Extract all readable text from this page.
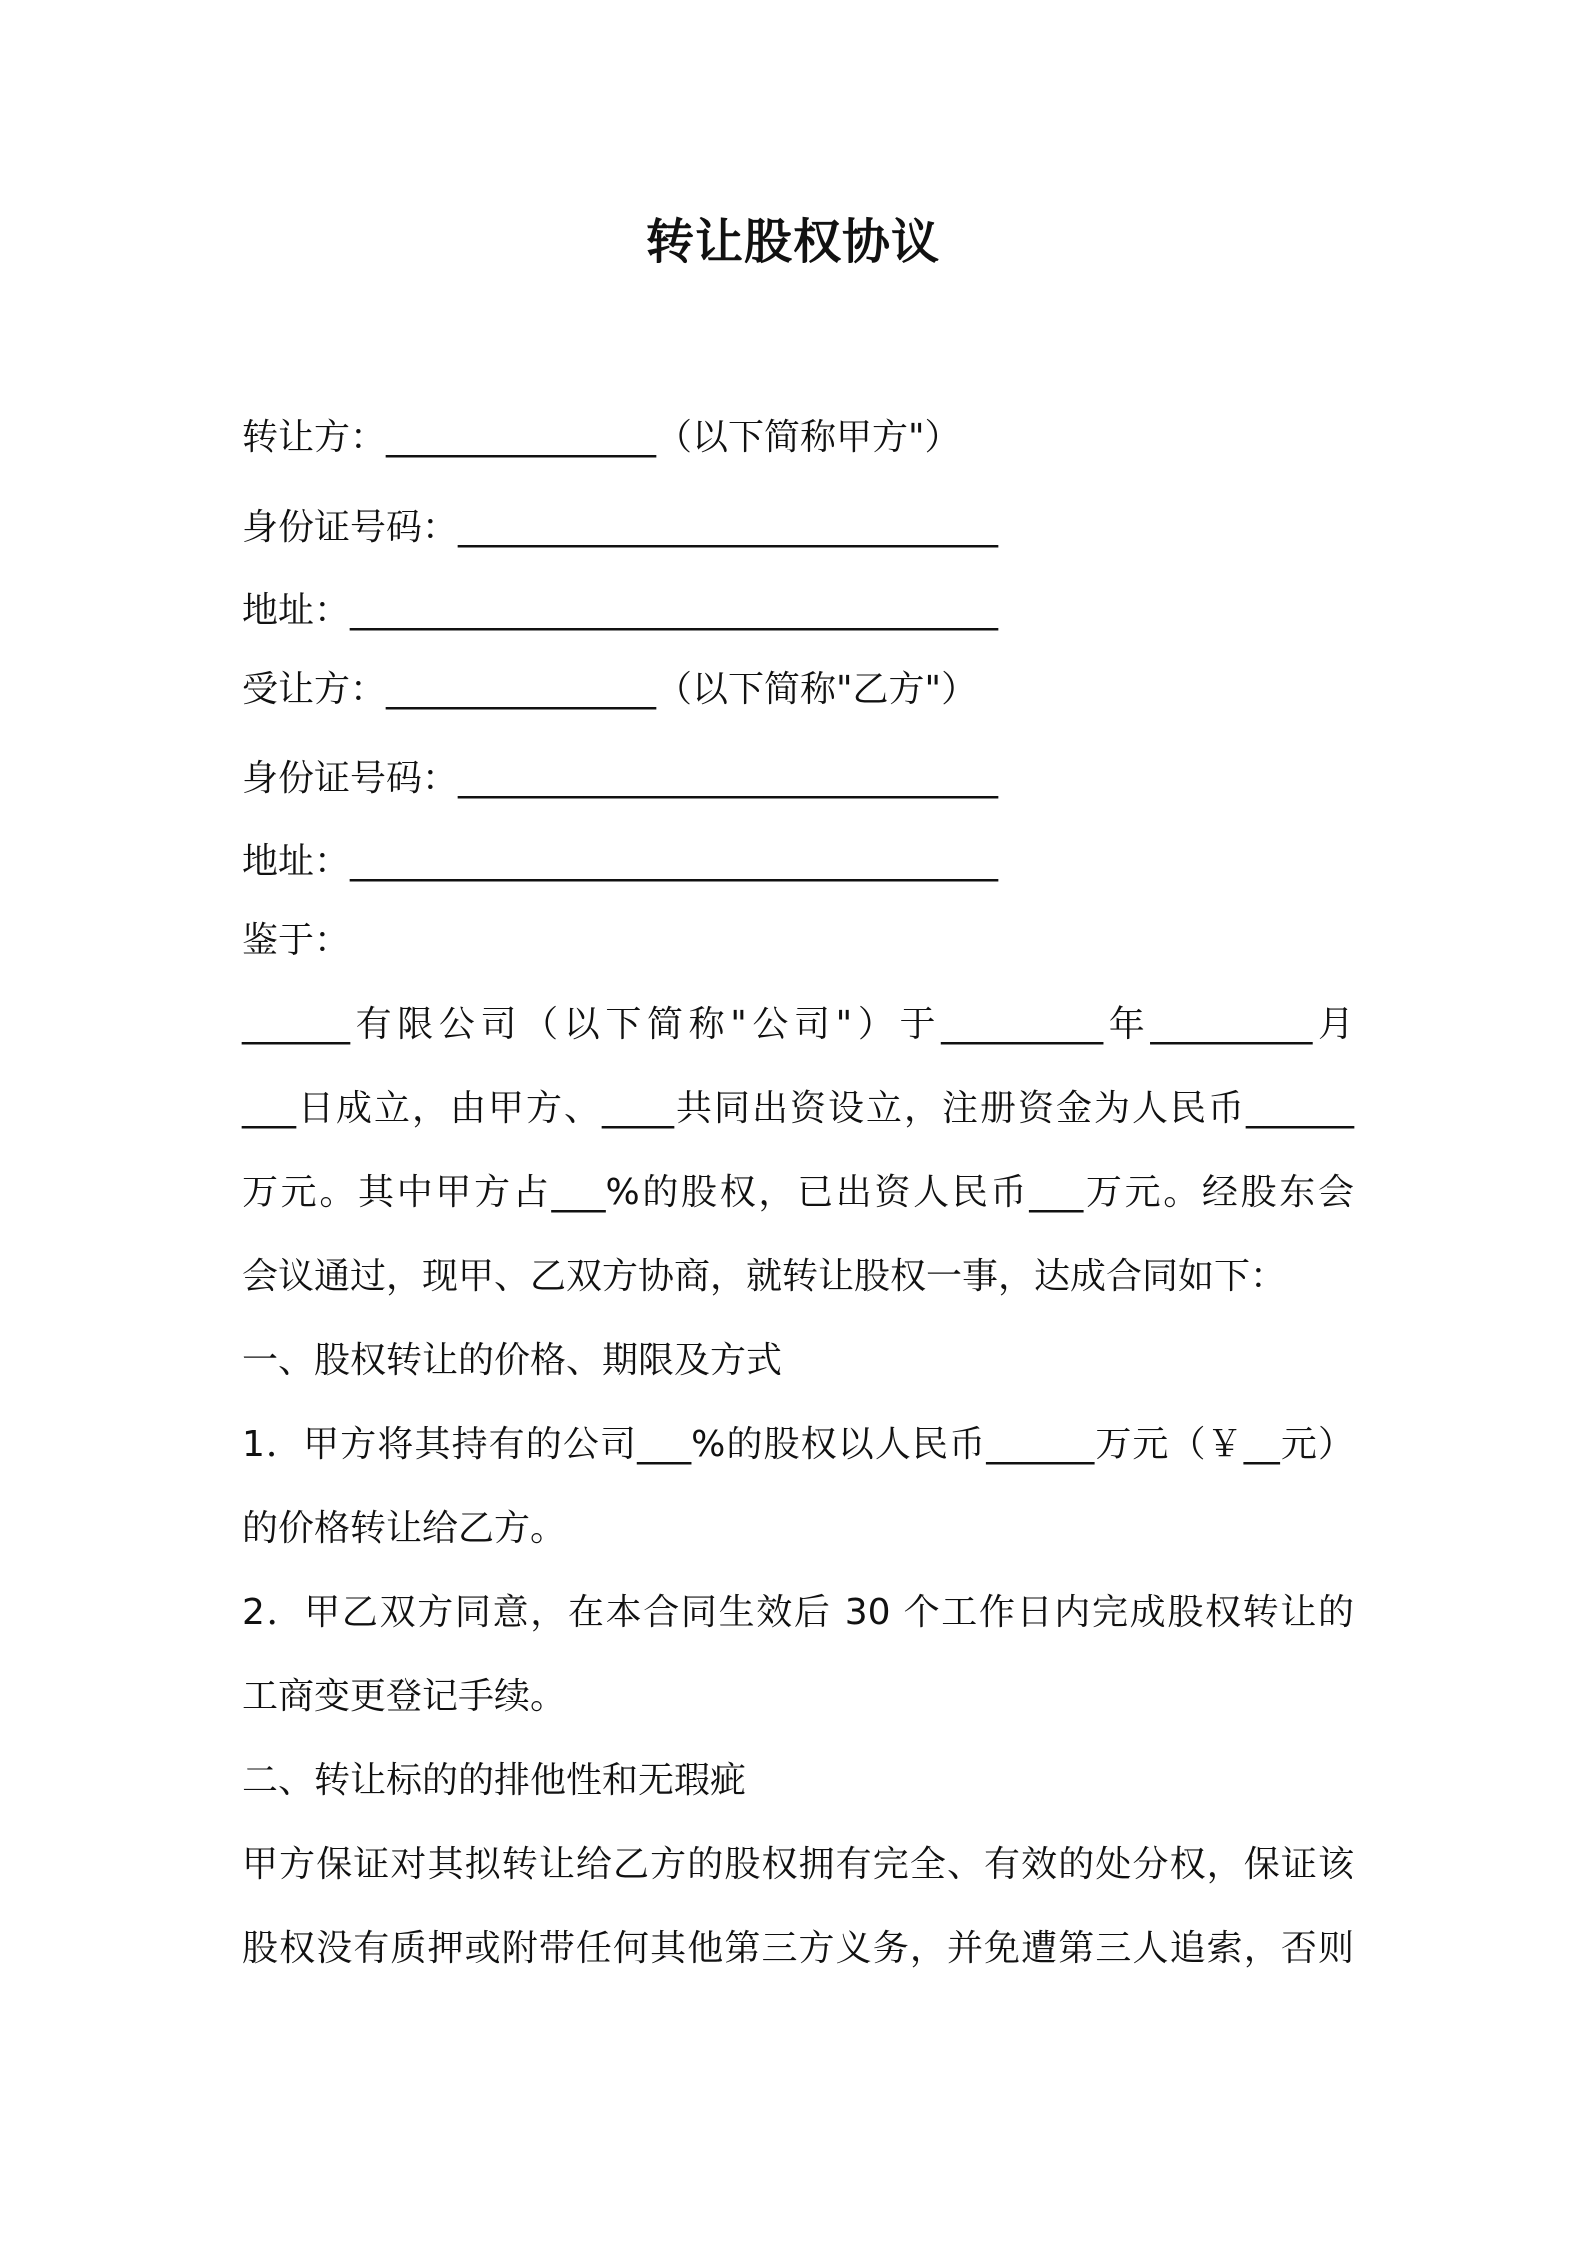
转让股权协议
转让方：_______________（以下简称甲方"）
身份证号码：______________________________
地址：____________________________________
受让方：_______________（以下简称"乙方"）
身份证号码：______________________________
地址：____________________________________
鉴于：
______有限公司（以下简称"公司"）于_________年_________月
___日成立，由甲方、____共同出资设立，注册资金为人民币______
万元。其中甲方占___%的股权，已出资人民币___万元。经股东会
会议通过，现甲、乙双方协商，就转让股权一事，达成合同如下：
一、股权转让的价格、期限及方式
1．甲方将其持有的公司___%的股权以人民币______万元（￥__元）
的价格转让给乙方。
2．甲乙双方同意，在本合同生效后 30 个工作日内完成股权转让的
工商变更登记手续。
二、转让标的的排他性和无瑕疵
甲方保证对其拟转让给乙方的股权拥有完全、有效的处分权，保证该
股权没有质押或附带任何其他第三方义务，并免遭第三人追索，否则
